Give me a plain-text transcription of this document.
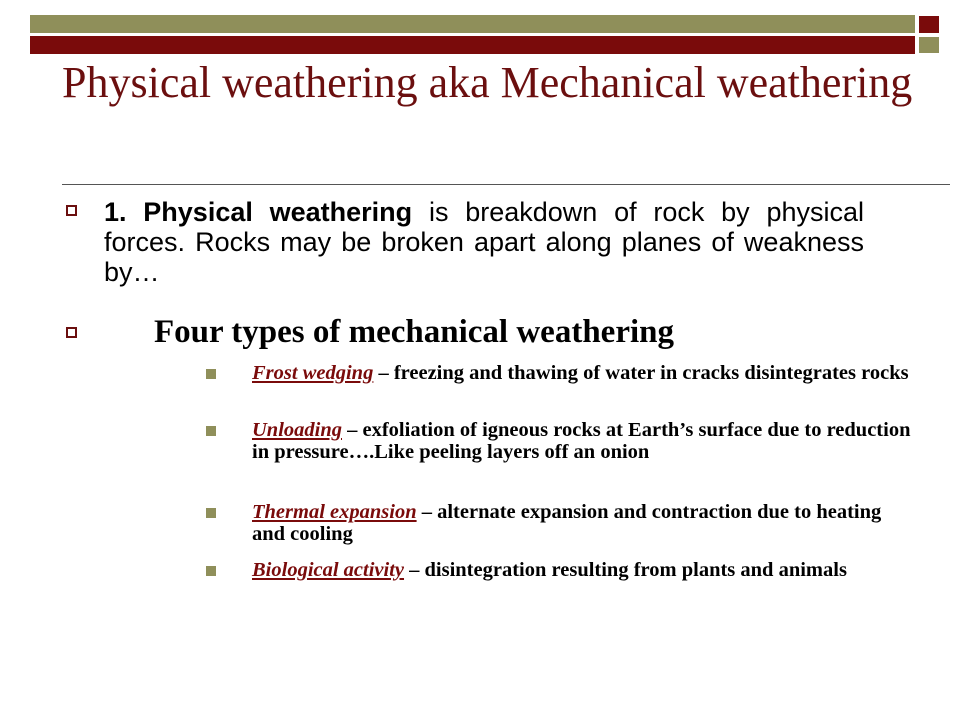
Physical weathering aka Mechanical weathering
1. Physical weathering is breakdown of rock by physical forces. Rocks may be broken apart along planes of weakness by…
Four types of mechanical weathering
Frost wedging – freezing and thawing of water in cracks disintegrates rocks
Unloading – exfoliation of igneous rocks at Earth’s surface due to reduction in pressure….Like peeling layers off an onion
Thermal expansion – alternate expansion and contraction due to heating and cooling
Biological activity – disintegration resulting from plants and animals
